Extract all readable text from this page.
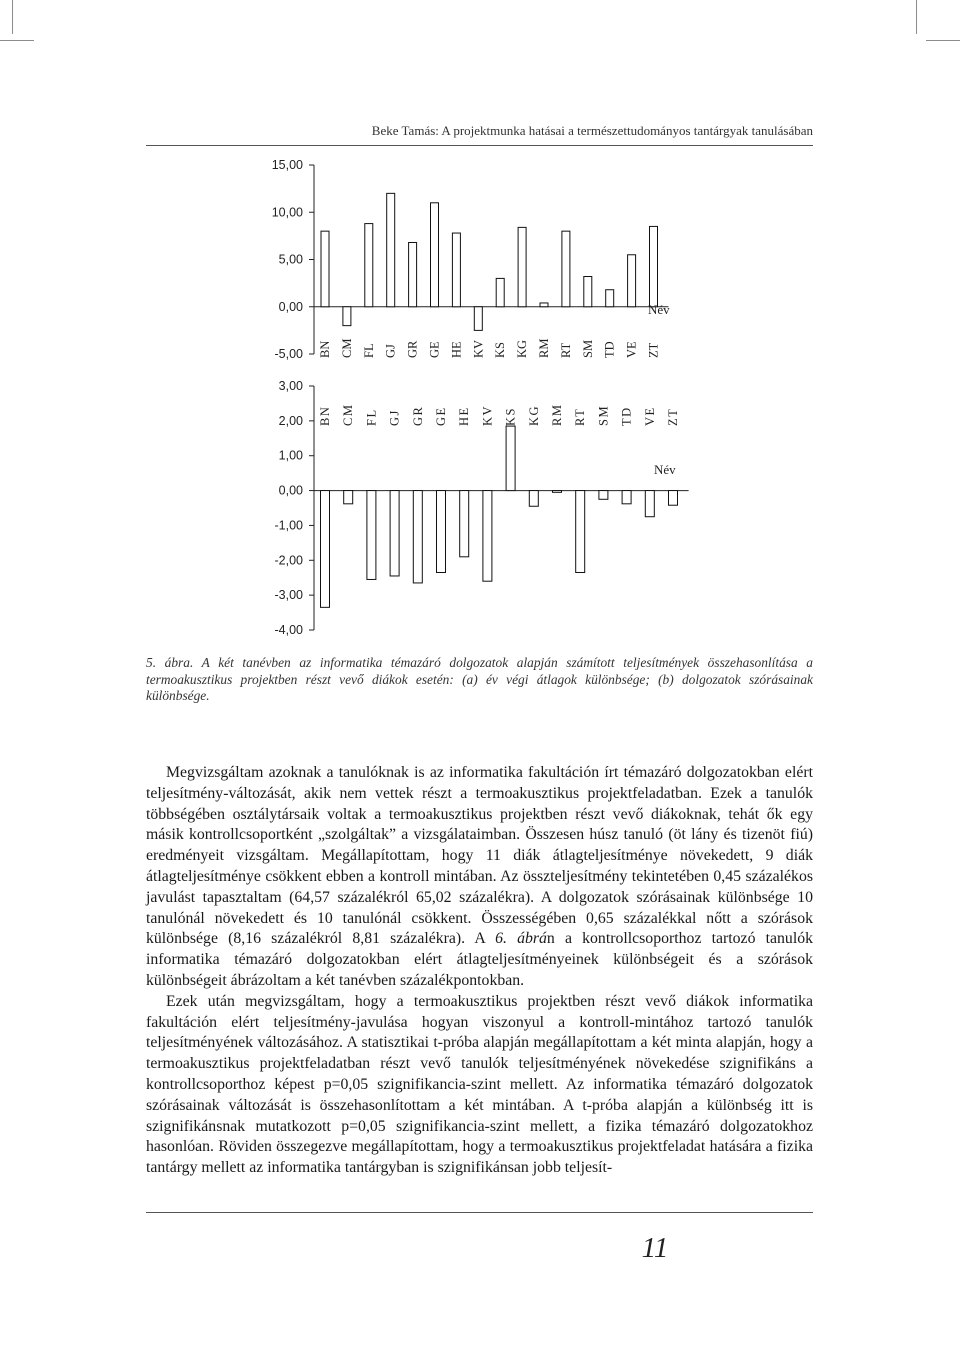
Beke Tamás: A projektmunka hatásai a természettudományos tantárgyak tanulásában
15,00
10,00
5,00
0,00
-5,00 BN CM FL GJ GR GE HE KV KS KG RM RT SM TD VE ZT
Név
3,00
2,00
1,00
0,00
-1,00
-2,00
-3,00
-4,00
BN CM FL GJ GR GE HE KV KS KG RM RT SM TD VE ZT
Név
5. ábra. A két tanévben az informatika témazáró dolgozatok alapján számított teljesítmények összehasonlítása a termoakusztikus projektben részt vevő diákok esetén: (a) év végi átlagok különbsége; (b) dolgozatok szórásainak különbsége.

Megvizsgáltam azoknak a tanulóknak is az informatika fakultáción írt témazáró dolgozatokban elért teljesítmény-változását, akik nem vettek részt a termoakusztikus projektfeladatban. Ezek a tanulók többségében osztálytársaik voltak a termoakusztikus projektben részt vevő diákoknak, tehát ők egy másik kontrollcsoportként „szolgáltak” a vizsgálataimban. Összesen húsz tanuló (öt lány és tizenöt fiú) eredményeit vizsgáltam. Megállapítottam, hogy 11 diák átlagteljesítménye növekedett, 9 diák átlagteljesítménye csökkent ebben a kontroll mintában. Az összteljesítmény tekintetében 0,45 százalékos javulást tapasztaltam (64,57 százalékról 65,02 százalékra). A dolgozatok szórásainak különbsége 10 tanulónál növekedett és 10 tanulónál csökkent. Összességében 0,65 százalékkal nőtt a szórások különbsége (8,16 százalékról 8,81 százalékra). A 6. ábrán a kontrollcsoporthoz tartozó tanulók informatika témazáró dolgozatokban elért átlagteljesítményeinek különbségeit és a szórások különbségeit ábrázoltam a két tanévben százalékpontokban.

Ezek után megvizsgáltam, hogy a termoakusztikus projektben részt vevő diákok informatika fakultáción elért teljesítmény-javulása hogyan viszonyul a kontroll-mintához tartozó tanulók teljesítményének változásához. A statisztikai t-próba alapján megállapítottam a két minta alapján, hogy a termoakusztikus projektfeladatban részt vevő tanulók teljesítményének növekedése szignifikáns a kontrollcsoporthoz képest p=0,05 szignifikancia-szint mellett. Az informatika témazáró dolgozatok szórásainak változását is összehasonlítottam a két mintában. A t-próba alapján a különbség itt is szignifikánsnak mutatkozott p=0,05 szignifikancia-szint mellett, a fizika témazáró dolgozatokhoz hasonlóan. Röviden összegezve megállapítottam, hogy a termoakusztikus projektfeladat hatására a fizika tantárgy mellett az informatika tantárgyban is szignifikánsan jobb teljesít-

11
